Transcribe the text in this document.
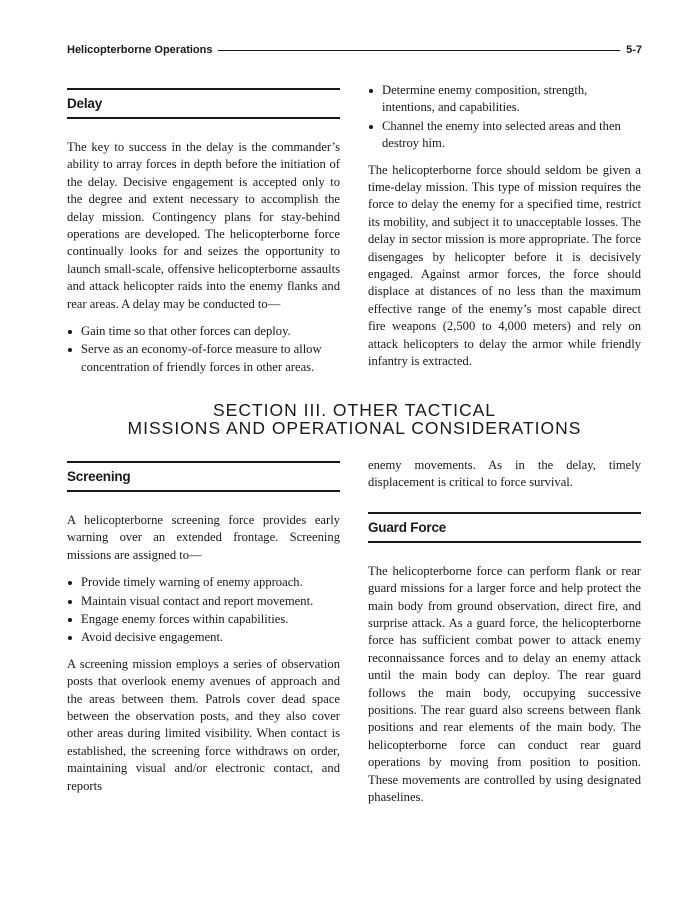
Helicopterborne Operations	5-7
Delay

The key to success in the delay is the commander’s ability to array forces in depth before the initiation of the delay. Decisive engagement is accepted only to the degree and extent necessary to accomplish the delay mission. Contingency plans for stay-behind operations are developed. The helicopterborne force continually looks for and seizes the opportunity to launch small-scale, offensive helicopterborne assaults and attack helicopter raids into the enemy flanks and rear areas. A delay may be conducted to—

Gain time so that other forces can deploy.
Serve as an economy-of-force measure to allow concentration of friendly forces in other areas.
Determine enemy composition, strength, intentions, and capabilities.
Channel the enemy into selected areas and then destroy him.

The helicopterborne force should seldom be given a time-delay mission. This type of mission requires the force to delay the enemy for a specified time, restrict its mobility, and subject it to unacceptable losses. The delay in sector mission is more appropriate. The force disengages by helicopter before it is decisively engaged. Against armor forces, the force should displace at distances of no less than the maximum effective range of the enemy’s most capable direct fire weapons (2,500 to 4,000 meters) and rely on attack helicopters to delay the armor while friendly infantry is extracted.

SECTION III. OTHER TACTICAL
MISSIONS AND OPERATIONAL CONSIDERATIONS
Screening

A helicopterborne screening force provides early warning over an extended frontage. Screening missions are assigned to—

Provide timely warning of enemy approach.
Maintain visual contact and report movement.
Engage enemy forces within capabilities.
Avoid decisive engagement.

A screening mission employs a series of observation posts that overlook enemy avenues of approach and the areas between them. Patrols cover dead space between the observation posts, and they also cover other areas during limited visibility. When contact is established, the screening force withdraws on order, maintaining visual and/or electronic contact, and reports

enemy movements. As in the delay, timely displacement is critical to force survival.

Guard Force

The helicopterborne force can perform flank or rear guard missions for a larger force and help protect the main body from ground observation, direct fire, and surprise attack. As a guard force, the helicopterborne force has sufficient combat power to attack enemy reconnaissance forces and to delay an enemy attack until the main body can deploy. The rear guard follows the main body, occupying successive positions. The rear guard also screens between flank positions and rear elements of the main body. The helicopterborne force can conduct rear guard operations by moving from position to position. These movements are controlled by using designated phaselines.
